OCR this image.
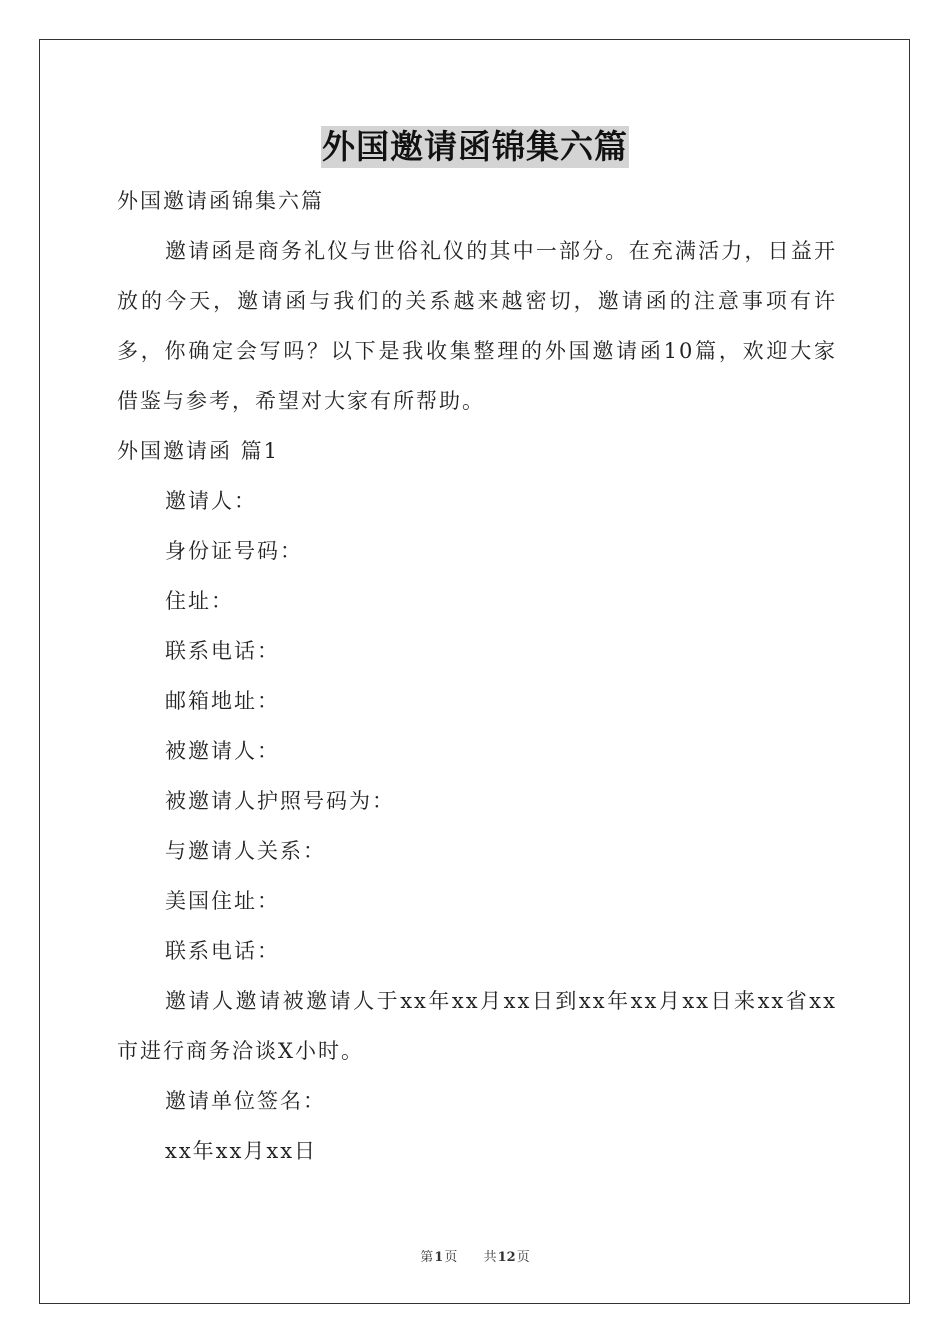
外国邀请函锦集六篇
外国邀请函锦集六篇

邀请函是商务礼仪与世俗礼仪的其中一部分。在充满活力，日益开放的今天，邀请函与我们的关系越来越密切，邀请函的注意事项有许多，你确定会写吗？以下是我收集整理的外国邀请函10篇，欢迎大家借鉴与参考，希望对大家有所帮助。

外国邀请函 篇1
邀请人：
身份证号码：
住址：
联系电话：
邮箱地址：
被邀请人：
被邀请人护照号码为：
与邀请人关系：
美国住址：
联系电话：

邀请人邀请被邀请人于xx年xx月xx日到xx年xx月xx日来xx省xx市进行商务洽谈X小时。

邀请单位签名：
xx年xx月xx日
第1页 共12页
